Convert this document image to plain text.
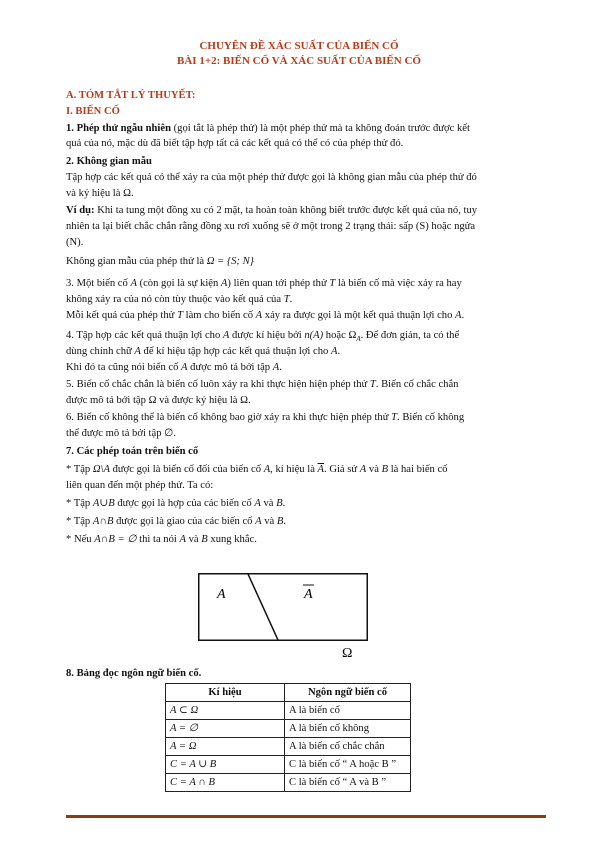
CHUYÊN ĐỀ XÁC SUẤT CỦA BIẾN CỐ
BÀI 1+2: BIẾN CỐ VÀ XÁC SUẤT CỦA BIẾN CỐ
A. TÓM TẮT LÝ THUYẾT:
I. BIẾN CỐ
1. Phép thử ngẫu nhiên (gọi tắt là phép thử) là một phép thử mà ta không đoán trước được kết
quả của nó, mặc dù đã biết tập hợp tất cả các kết quả có thể có của phép thử đó.
2. Không gian mẫu
Tập hợp các kết quả có thể xảy ra của một phép thử được gọi là không gian mẫu của phép thử đó
và ký hiệu là Ω.
Ví dụ: Khi ta tung một đồng xu có 2 mặt, ta hoàn toàn không biết trước được kết quả của nó, tuy
nhiên ta lại biết chắc chắn rằng đồng xu rơi xuống sẽ ở một trong 2 trạng thái: sấp (S) hoặc ngửa
(N).
Không gian mẫu của phép thử là Ω = {S; N}
3. Một biến cố A (còn gọi là sự kiện A) liên quan tới phép thử T là biến cố mà việc xảy ra hay
không xảy ra của nó còn tùy thuộc vào kết quả của T.
Mỗi kết quả của phép thử T làm cho biến cố A xảy ra được gọi là một kết quả thuận lợi cho A.
4. Tập hợp các kết quả thuận lợi cho A được kí hiệu bởi n(A) hoặc $\Omega_A$. Để đơn giản, ta có thể
dùng chính chữ A để kí hiệu tập hợp các kết quả thuận lợi cho A.
Khi đó ta cũng nói biến cố A được mô tả bởi tập A.
5. Biến cố chắc chắn là biến cố luôn xảy ra khi thực hiện hiện phép thử T. Biến cố chắc chắn
được mô tả bởi tập Ω và được ký hiệu là Ω.
6. Biến cố không thể là biến cố không bao giờ xảy ra khi thực hiện phép thử T. Biến cố không
thể được mô tả bởi tập ∅.
7. Các phép toán trên biến cố
* Tập Ω\A được gọi là biến cố đối của biến cố A, kí hiệu là $\overline{A}$. Giả sử A và B là hai biến cố
liên quan đến một phép thử. Ta có:
* Tập A∪B được gọi là hợp của các biến cố A và B.
* Tập A∩B được gọi là giao của các biến cố A và B.
* Nếu A∩B = ∅ thì ta nói A và B xung khắc.
A	A
Ω
8. Bảng đọc ngôn ngữ biến cố.
Kí hiệu	Ngôn ngữ biến cố
A ⊂ Ω	A là biến cố
A = ∅	A là biến cố không
A = Ω	A là biến cố chắc chắn
C = A ∪ B	C là biến cố “ A hoặc B ”
C = A ∩ B	C là biến cố “ A và B ”
